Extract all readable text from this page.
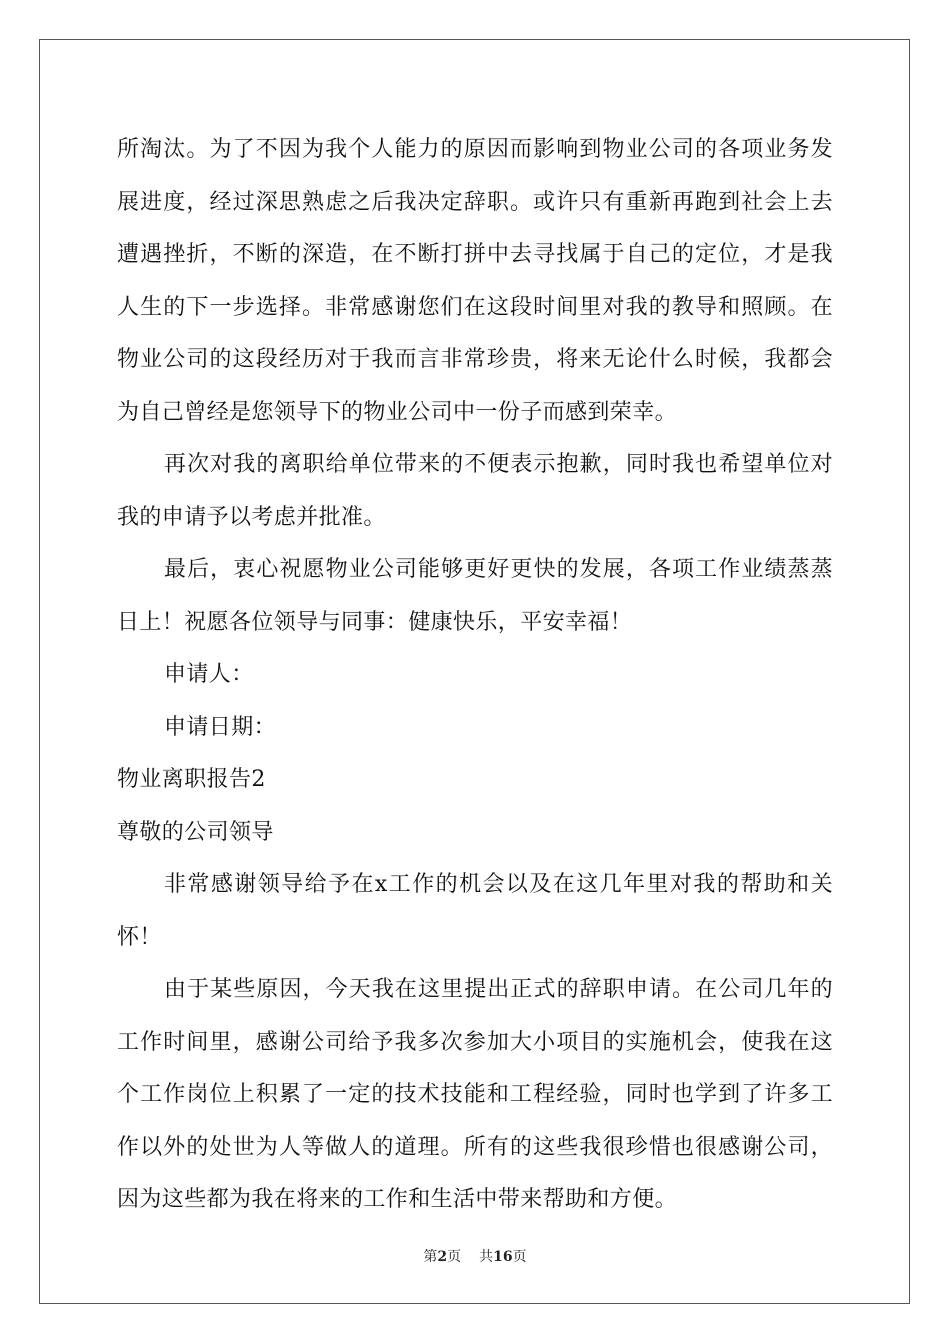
所淘汰。为了不因为我个人能力的原因而影响到物业公司的各项业务发展进度，经过深思熟虑之后我决定辞职。或许只有重新再跑到社会上去遭遇挫折，不断的深造，在不断打拼中去寻找属于自己的定位，才是我人生的下一步选择。非常感谢您们在这段时间里对我的教导和照顾。在物业公司的这段经历对于我而言非常珍贵，将来无论什么时候，我都会为自己曾经是您领导下的物业公司中一份子而感到荣幸。

再次对我的离职给单位带来的不便表示抱歉，同时我也希望单位对我的申请予以考虑并批准。

最后，衷心祝愿物业公司能够更好更快的发展，各项工作业绩蒸蒸日上！祝愿各位领导与同事：健康快乐，平安幸福！

申请人：

申请日期：

物业离职报告2

尊敬的公司领导

非常感谢领导给予在x工作的机会以及在这几年里对我的帮助和关怀！

由于某些原因，今天我在这里提出正式的辞职申请。在公司几年的工作时间里，感谢公司给予我多次参加大小项目的实施机会，使我在这个工作岗位上积累了一定的技术技能和工程经验，同时也学到了许多工作以外的处世为人等做人的道理。所有的这些我很珍惜也很感谢公司，因为这些都为我在将来的工作和生活中带来帮助和方便。

第2页 共16页
